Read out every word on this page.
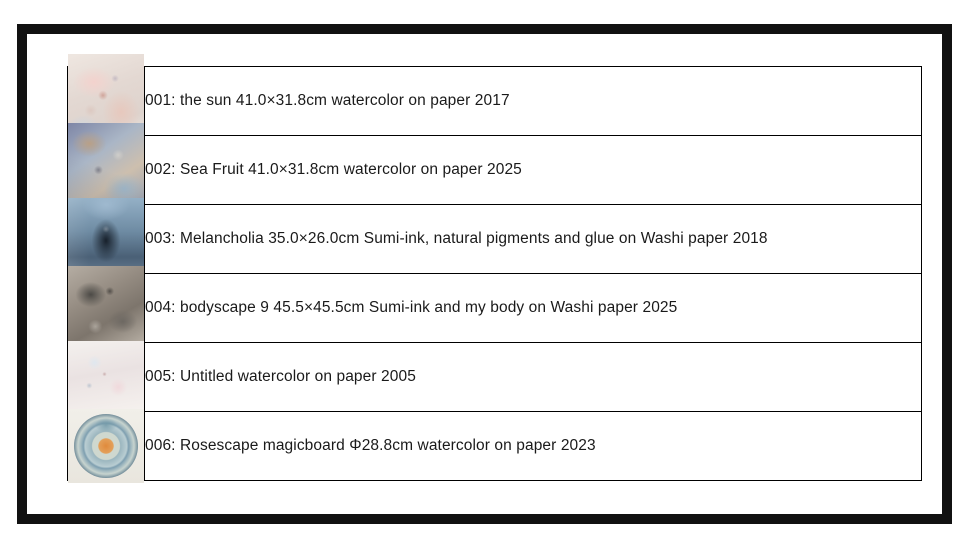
	001: the sun 41.0×31.8cm watercolor on paper 2017

	002: Sea Fruit 41.0×31.8cm watercolor on paper 2025

	003: Melancholia 35.0×26.0cm Sumi-ink, natural pigments and glue on Washi paper 2018

	004: bodyscape 9 45.5×45.5cm Sumi-ink and my body on Washi paper 2025

	005: Untitled watercolor on paper 2005

	006: Rosescape magicboard Φ28.8cm watercolor on paper 2023
